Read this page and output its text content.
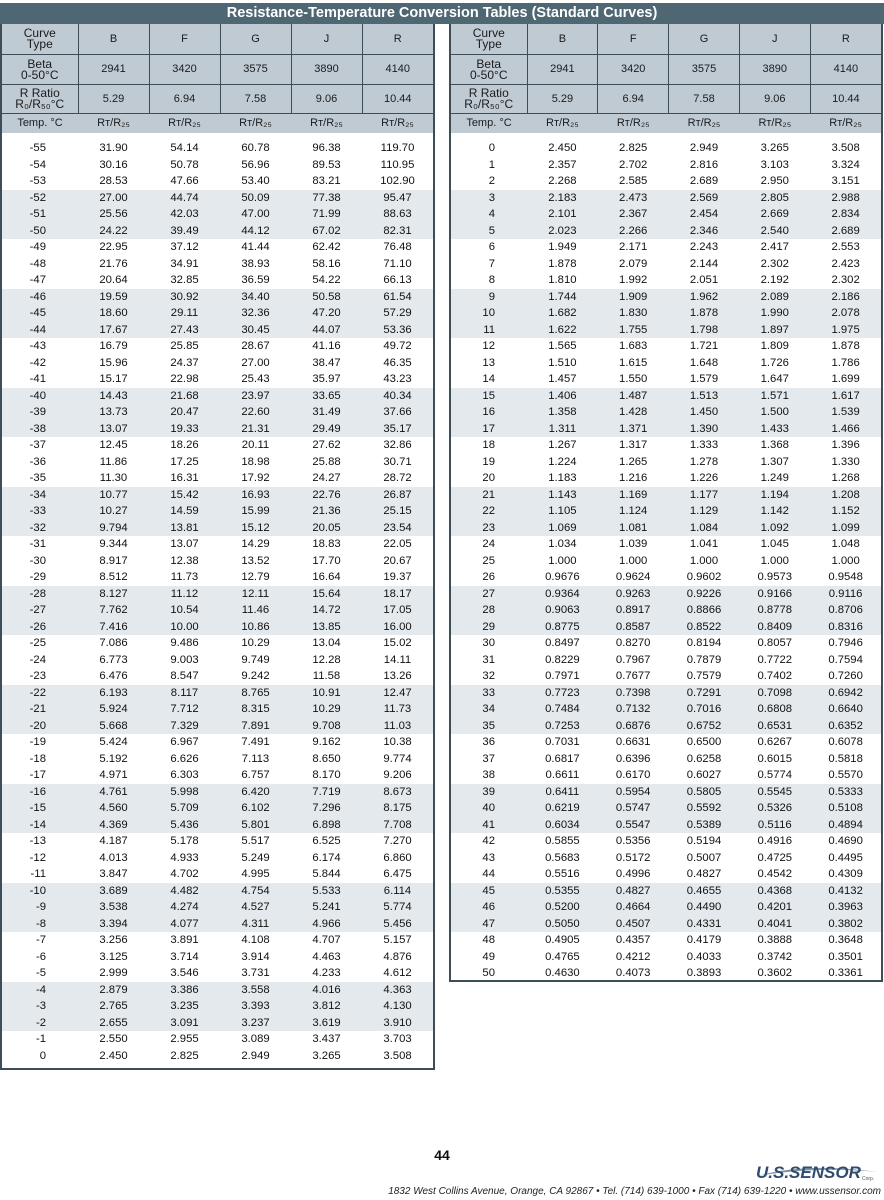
Resistance-Temperature Conversion Tables (Standard Curves)
Curve
Type	B	F	G	J	R
Beta
0-50°C	2941	3420	3575	3890	4140
R Ratio
R₀/R₅₀°C	5.29	6.94	7.58	9.06	10.44
Temp. °C	Rт/R₂₅	Rт/R₂₅	Rт/R₂₅	Rт/R₂₅	Rт/R₂₅

-55	31.90	54.14	60.78	96.38	119.70
-54	30.16	50.78	56.96	89.53	110.95
-53	28.53	47.66	53.40	83.21	102.90
-52	27.00	44.74	50.09	77.38	95.47
-51	25.56	42.03	47.00	71.99	88.63
-50	24.22	39.49	44.12	67.02	82.31
-49	22.95	37.12	41.44	62.42	76.48
-48	21.76	34.91	38.93	58.16	71.10
-47	20.64	32.85	36.59	54.22	66.13
-46	19.59	30.92	34.40	50.58	61.54
-45	18.60	29.11	32.36	47.20	57.29
-44	17.67	27.43	30.45	44.07	53.36
-43	16.79	25.85	28.67	41.16	49.72
-42	15.96	24.37	27.00	38.47	46.35
-41	15.17	22.98	25.43	35.97	43.23
-40	14.43	21.68	23.97	33.65	40.34
-39	13.73	20.47	22.60	31.49	37.66
-38	13.07	19.33	21.31	29.49	35.17
-37	12.45	18.26	20.11	27.62	32.86
-36	11.86	17.25	18.98	25.88	30.71
-35	11.30	16.31	17.92	24.27	28.72
-34	10.77	15.42	16.93	22.76	26.87
-33	10.27	14.59	15.99	21.36	25.15
-32	9.794	13.81	15.12	20.05	23.54
-31	9.344	13.07	14.29	18.83	22.05
-30	8.917	12.38	13.52	17.70	20.67
-29	8.512	11.73	12.79	16.64	19.37
-28	8.127	11.12	12.11	15.64	18.17
-27	7.762	10.54	11.46	14.72	17.05
-26	7.416	10.00	10.86	13.85	16.00
-25	7.086	9.486	10.29	13.04	15.02
-24	6.773	9.003	9.749	12.28	14.11
-23	6.476	8.547	9.242	11.58	13.26
-22	6.193	8.117	8.765	10.91	12.47
-21	5.924	7.712	8.315	10.29	11.73
-20	5.668	7.329	7.891	9.708	11.03
-19	5.424	6.967	7.491	9.162	10.38
-18	5.192	6.626	7.113	8.650	9.774
-17	4.971	6.303	6.757	8.170	9.206
-16	4.761	5.998	6.420	7.719	8.673
-15	4.560	5.709	6.102	7.296	8.175
-14	4.369	5.436	5.801	6.898	7.708
-13	4.187	5.178	5.517	6.525	7.270
-12	4.013	4.933	5.249	6.174	6.860
-11	3.847	4.702	4.995	5.844	6.475
-10	3.689	4.482	4.754	5.533	6.114
-9	3.538	4.274	4.527	5.241	5.774
-8	3.394	4.077	4.311	4.966	5.456
-7	3.256	3.891	4.108	4.707	5.157
-6	3.125	3.714	3.914	4.463	4.876
-5	2.999	3.546	3.731	4.233	4.612
-4	2.879	3.386	3.558	4.016	4.363
-3	2.765	3.235	3.393	3.812	4.130
-2	2.655	3.091	3.237	3.619	3.910
-1	2.550	2.955	3.089	3.437	3.703
0	2.450	2.825	2.949	3.265	3.508
Curve
Type	B	F	G	J	R
Beta
0-50°C	2941	3420	3575	3890	4140
R Ratio
R₀/R₅₀°C	5.29	6.94	7.58	9.06	10.44
Temp. °C	Rт/R₂₅	Rт/R₂₅	Rт/R₂₅	Rт/R₂₅	Rт/R₂₅

0	2.450	2.825	2.949	3.265	3.508
1	2.357	2.702	2.816	3.103	3.324
2	2.268	2.585	2.689	2.950	3.151
3	2.183	2.473	2.569	2.805	2.988
4	2.101	2.367	2.454	2.669	2.834
5	2.023	2.266	2.346	2.540	2.689
6	1.949	2.171	2.243	2.417	2.553
7	1.878	2.079	2.144	2.302	2.423
8	1.810	1.992	2.051	2.192	2.302
9	1.744	1.909	1.962	2.089	2.186
10	1.682	1.830	1.878	1.990	2.078
11	1.622	1.755	1.798	1.897	1.975
12	1.565	1.683	1.721	1.809	1.878
13	1.510	1.615	1.648	1.726	1.786
14	1.457	1.550	1.579	1.647	1.699
15	1.406	1.487	1.513	1.571	1.617
16	1.358	1.428	1.450	1.500	1.539
17	1.311	1.371	1.390	1.433	1.466
18	1.267	1.317	1.333	1.368	1.396
19	1.224	1.265	1.278	1.307	1.330
20	1.183	1.216	1.226	1.249	1.268
21	1.143	1.169	1.177	1.194	1.208
22	1.105	1.124	1.129	1.142	1.152
23	1.069	1.081	1.084	1.092	1.099
24	1.034	1.039	1.041	1.045	1.048
25	1.000	1.000	1.000	1.000	1.000
26	0.9676	0.9624	0.9602	0.9573	0.9548
27	0.9364	0.9263	0.9226	0.9166	0.9116
28	0.9063	0.8917	0.8866	0.8778	0.8706
29	0.8775	0.8587	0.8522	0.8409	0.8316
30	0.8497	0.8270	0.8194	0.8057	0.7946
31	0.8229	0.7967	0.7879	0.7722	0.7594
32	0.7971	0.7677	0.7579	0.7402	0.7260
33	0.7723	0.7398	0.7291	0.7098	0.6942
34	0.7484	0.7132	0.7016	0.6808	0.6640
35	0.7253	0.6876	0.6752	0.6531	0.6352
36	0.7031	0.6631	0.6500	0.6267	0.6078
37	0.6817	0.6396	0.6258	0.6015	0.5818
38	0.6611	0.6170	0.6027	0.5774	0.5570
39	0.6411	0.5954	0.5805	0.5545	0.5333
40	0.6219	0.5747	0.5592	0.5326	0.5108
41	0.6034	0.5547	0.5389	0.5116	0.4894
42	0.5855	0.5356	0.5194	0.4916	0.4690
43	0.5683	0.5172	0.5007	0.4725	0.4495
44	0.5516	0.4996	0.4827	0.4542	0.4309
45	0.5355	0.4827	0.4655	0.4368	0.4132
46	0.5200	0.4664	0.4490	0.4201	0.3963
47	0.5050	0.4507	0.4331	0.4041	0.3802
48	0.4905	0.4357	0.4179	0.3888	0.3648
49	0.4765	0.4212	0.4033	0.3742	0.3501
50	0.4630	0.4073	0.3893	0.3602	0.3361
44
U.S.SENSOR Corp.
1832 West Collins Avenue, Orange, CA 92867 • Tel. (714) 639-1000 • Fax (714) 639-1220 • www.ussensor.com
